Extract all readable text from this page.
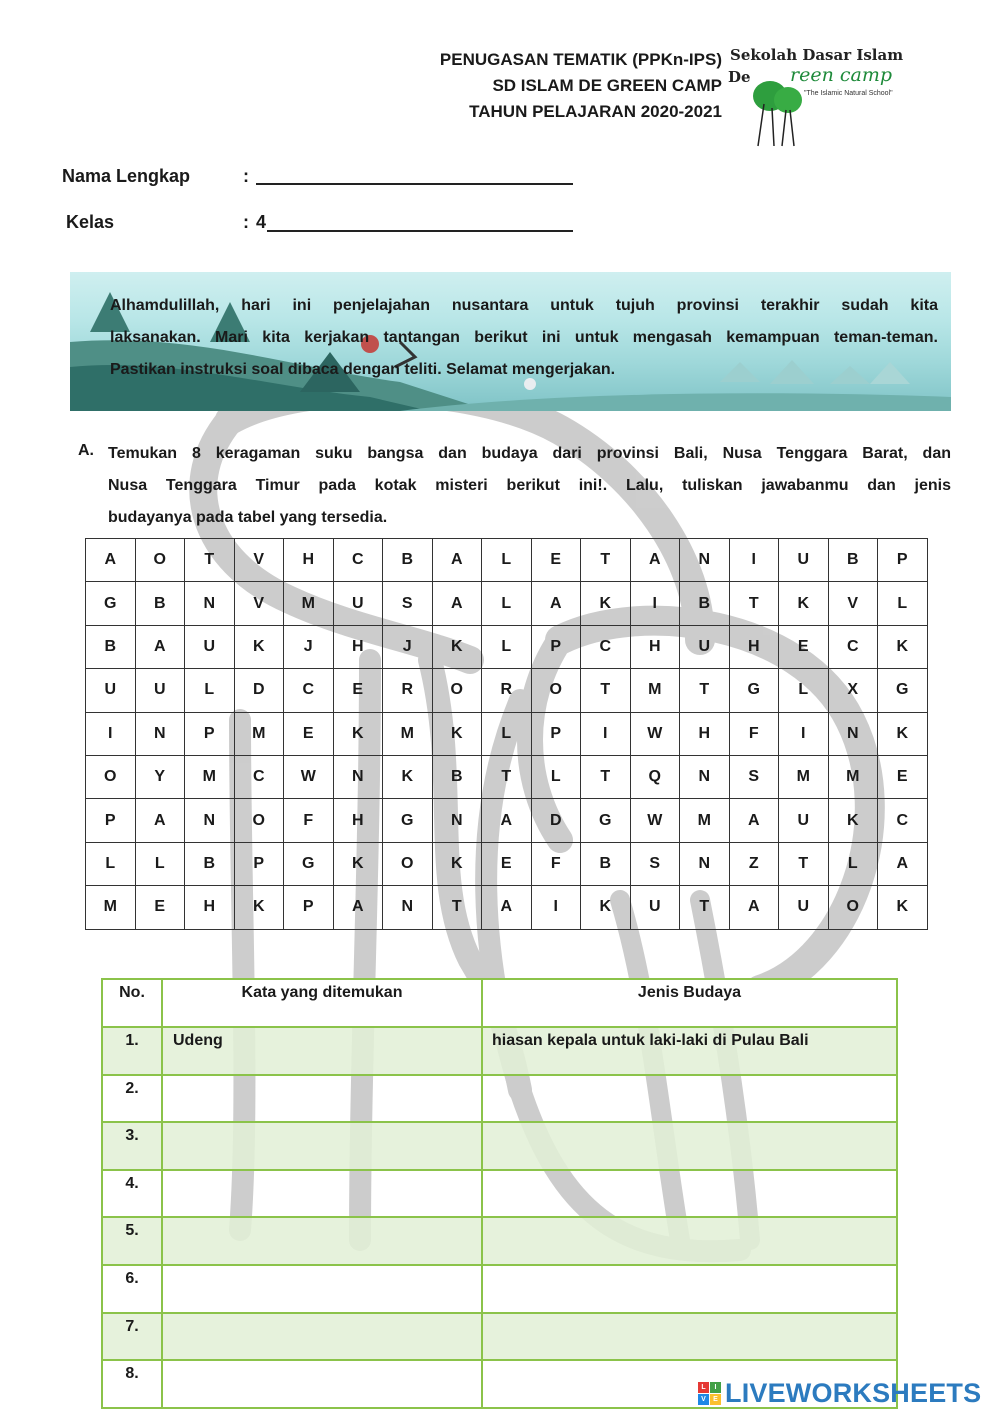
PENUGASAN TEMATIK (PPKn-IPS)
SD ISLAM DE GREEN CAMP
TAHUN PELAJARAN 2020-2021
Sekolah Dasar Islam
De reen camp
"The Islamic Natural School"
Nama Lengkap	:
Kelas	: 4
Alhamdulillah, hari ini penjelajahan nusantara untuk tujuh provinsi terakhir sudah kita
laksanakan. Mari kita kerjakan tantangan berikut ini untuk mengasah kemampuan teman-teman.
Pastikan instruksi soal dibaca dengan teliti. Selamat mengerjakan.
A. Temukan 8 keragaman suku bangsa dan budaya dari provinsi Bali, Nusa Tenggara Barat, dan
Nusa Tenggara Timur pada kotak misteri berikut ini!. Lalu, tuliskan jawabanmu dan jenis
budayanya pada tabel yang tersedia.
A	O	T	V	H	C	B	A	L	E	T	A	N	I	U	B	P
G	B	N	V	M	U	S	A	L	A	K	I	B	T	K	V	L
B	A	U	K	J	H	J	K	L	P	C	H	U	H	E	C	K
U	U	L	D	C	E	R	O	R	O	T	M	T	G	L	X	G
I	N	P	M	E	K	M	K	L	P	I	W	H	F	I	N	K
O	Y	M	C	W	N	K	B	T	L	T	Q	N	S	M	M	E
P	A	N	O	F	H	G	N	A	D	G	W	M	A	U	K	C
L	L	B	P	G	K	O	K	E	F	B	S	N	Z	T	L	A
M	E	H	K	P	A	N	T	A	I	K	U	T	A	U	O	K
No.	Kata yang ditemukan	Jenis Budaya
1.	Udeng	hiasan kepala untuk laki-laki di Pulau Bali
2.		
3.		
4.		
5.		
6.		
7.		
8.		
L	I
V	E LIVEWORKSHEETS
